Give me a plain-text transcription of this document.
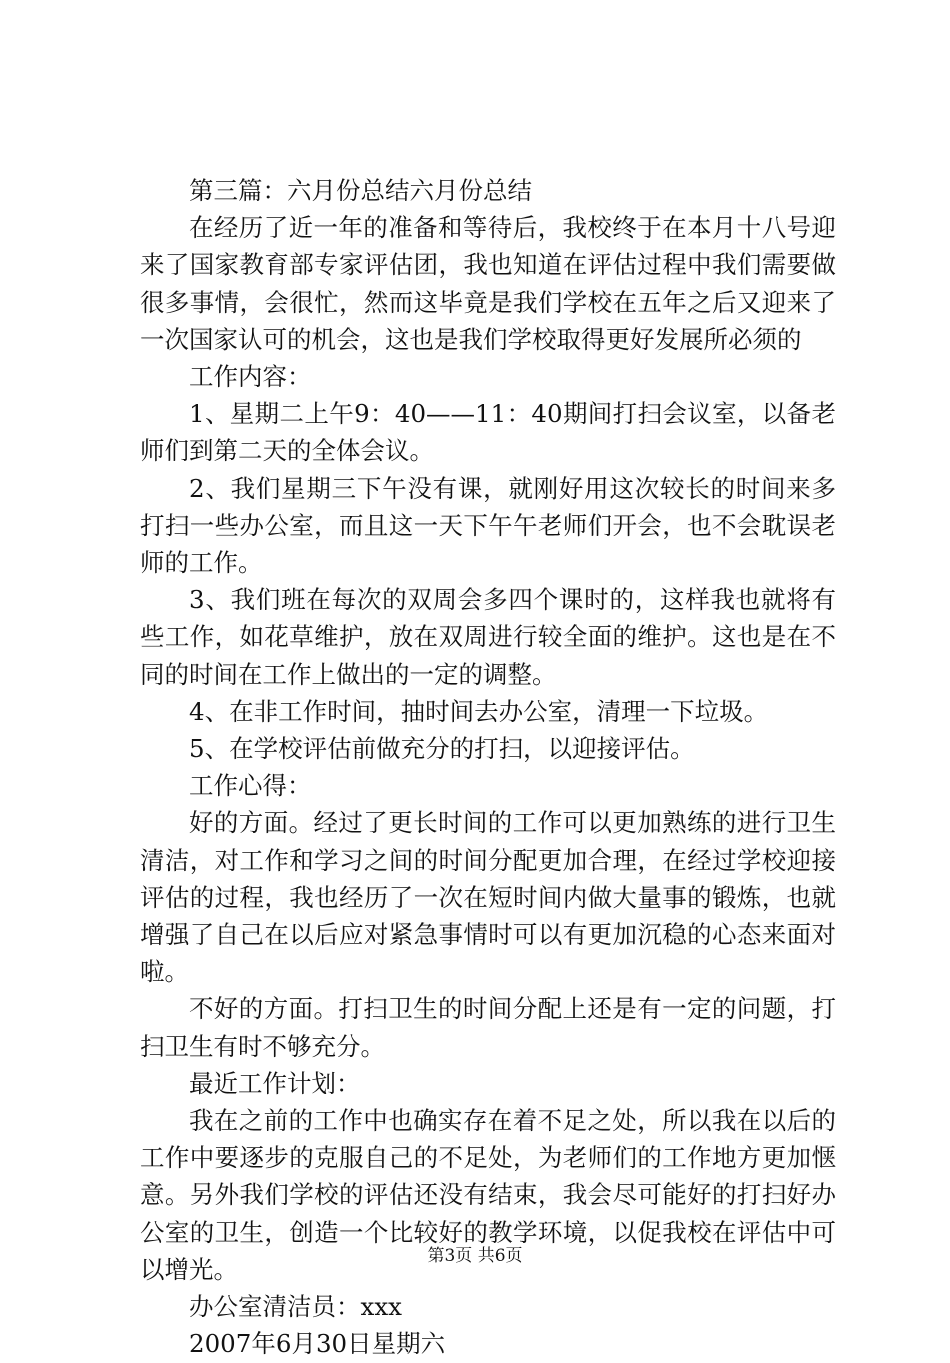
第三篇：六月份总结六月份总结

在经历了近一年的准备和等待后，我校终于在本月十八号迎来了国家教育部专家评估团，我也知道在评估过程中我们需要做很多事情，会很忙，然而这毕竟是我们学校在五年之后又迎来了一次国家认可的机会，这也是我们学校取得更好发展所必须的

工作内容：

1、星期二上午9：40——11：40期间打扫会议室，以备老师们到第二天的全体会议。

2、我们星期三下午没有课，就刚好用这次较长的时间来多打扫一些办公室，而且这一天下午午老师们开会，也不会耽误老师的工作。

3、我们班在每次的双周会多四个课时的，这样我也就将有些工作，如花草维护，放在双周进行较全面的维护。这也是在不同的时间在工作上做出的一定的调整。

4、在非工作时间，抽时间去办公室，清理一下垃圾。

5、在学校评估前做充分的打扫，以迎接评估。

工作心得：

好的方面。经过了更长时间的工作可以更加熟练的进行卫生清洁，对工作和学习之间的时间分配更加合理，在经过学校迎接评估的过程，我也经历了一次在短时间内做大量事的锻炼，也就增强了自己在以后应对紧急事情时可以有更加沉稳的心态来面对啦。

不好的方面。打扫卫生的时间分配上还是有一定的问题，打扫卫生有时不够充分。

最近工作计划：

我在之前的工作中也确实存在着不足之处，所以我在以后的工作中要逐步的克服自己的不足处，为老师们的工作地方更加惬意。另外我们学校的评估还没有结束，我会尽可能好的打扫好办公室的卫生，创造一个比较好的教学环境，以促我校在评估中可以增光。

办公室清洁员：xxx

2007年6月30日星期六

第3页 共6页
